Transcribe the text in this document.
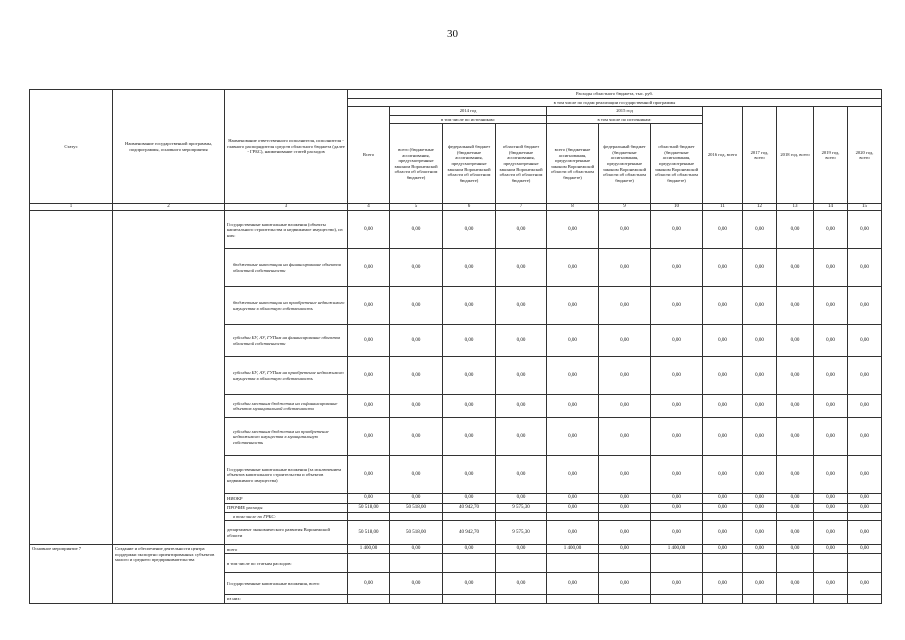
30
Статус	Наименование государственной программы, подпрограммы, основного мероприятия	Наименование ответственного исполнителя, исполнителя - главного распорядителя средств областного бюджета (далее - ГРБС), наименование статей расходов	Расходы областного бюджета, тыс. руб.											
			в том числе по годам реализации государственной программы											
			Всего	2014 год			2015 год			2016 год, всего	2017 год, всего	2018 год, всего	2019 год, всего	2020 год, всего
				в том числе по источникам:			в том числе по источникам:							
				всего (бюджетные ассигнования, предусмотренные законом Воронежской области об областном бюджете)	федеральный бюджет (бюджетные ассигнования, предусмотренные законом Воронежской области об областном бюджете)	областной бюджет (бюджетные ассигнования, предусмотренные законом Воронежской области об областном бюджете)	всего (бюджетные ассигнования, предусмотренные законом Воронежской области об областном бюджете)	федеральный бюджет (бюджетные ассигнования, предусмотренные законом Воронежской области об областном бюджете)	областной бюджет (бюджетные ассигнования, предусмотренные законом Воронежской области об областном бюджете)					
1	2	3	4	5	6	7	8	9	10	11	12	13	14	15
		Государственные капитальные вложения (объекты капитального строительства и недвижимое имущество), из них:	0,00	0,00	0,00	0,00	0,00	0,00	0,00	0,00	0,00	0,00	0,00	0,00
		бюджетные инвестиции на финансирование объектов областной собственности	0,00	0,00	0,00	0,00	0,00	0,00	0,00	0,00	0,00	0,00	0,00	0,00
		бюджетные инвестиции на приобретение недвижимого имущества в областную собственность	0,00	0,00	0,00	0,00	0,00	0,00	0,00	0,00	0,00	0,00	0,00	0,00
		субсидии БУ, АУ, ГУПам на финансирование объектов областной собственности	0,00	0,00	0,00	0,00	0,00	0,00	0,00	0,00	0,00	0,00	0,00	0,00
		субсидии БУ, АУ, ГУПам на приобретение недвижимого имущества в областную собственность	0,00	0,00	0,00	0,00	0,00	0,00	0,00	0,00	0,00	0,00	0,00	0,00
		субсидии местным бюджетам на софинансирование объектов муниципальной собственности	0,00	0,00	0,00	0,00	0,00	0,00	0,00	0,00	0,00	0,00	0,00	0,00
		субсидии местным бюджетам на приобретение недвижимого имущества в муниципальную собственность	0,00	0,00	0,00	0,00	0,00	0,00	0,00	0,00	0,00	0,00	0,00	0,00
		Государственные капитальные вложения (за исключением объектов капитального строительства и объектов недвижимого имущества)	0,00	0,00	0,00	0,00	0,00	0,00	0,00	0,00	0,00	0,00	0,00	0,00
		НИОКР	0,00	0,00	0,00	0,00	0,00	0,00	0,00	0,00	0,00	0,00	0,00	0,00
		ПРОЧИЕ расходы	50 518,00	50 518,00	40 942,70	9 575,30	0,00	0,00	0,00	0,00	0,00	0,00	0,00	0,00
		в том числе по ГРБС:												
		департамент экономического развития Воронежской области	50 518,00	50 518,00	40 942,70	9 575,30	0,00	0,00	0,00	0,00	0,00	0,00	0,00	0,00
Основное мероприятие 7	Создание и обеспечение деятельности центра поддержки экспортно ориентированных субъектов малого и среднего предпринимательства	всего	1 400,00	0,00	0,00	0,00	1 400,00	0,00	1 400,00	0,00	0,00	0,00	0,00	0,00
		в том числе по статьям расходов:												
		Государственные капитальные вложения, всего	0,00	0,00	0,00	0,00	0,00	0,00	0,00	0,00	0,00	0,00	0,00	0,00
		из них:												
